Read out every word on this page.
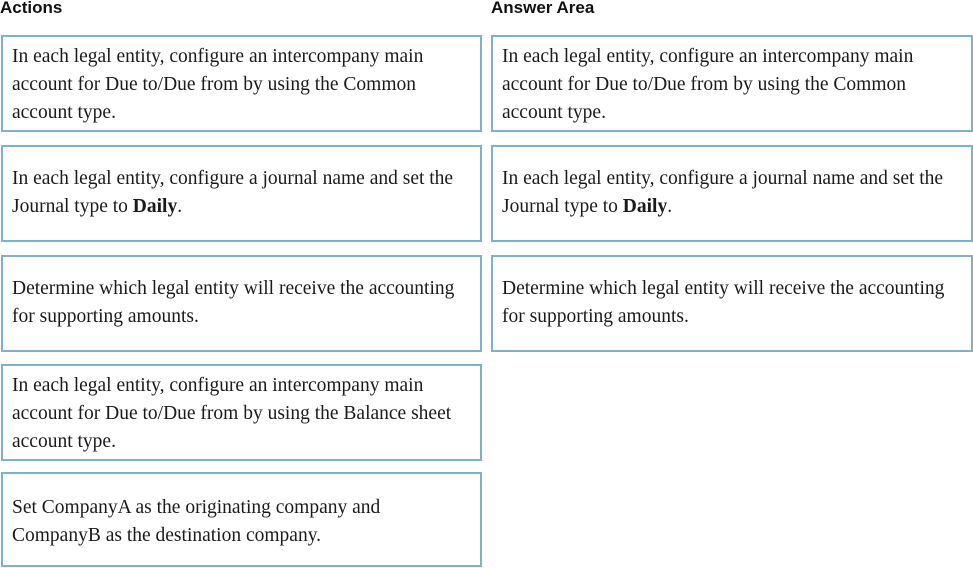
Actions	Answer Area
In each legal entity, configure an intercompany main account for Due to/Due from by using the Common account type.
In each legal entity, configure a journal name and set the Journal type to Daily.
Determine which legal entity will receive the accounting for supporting amounts.
In each legal entity, configure an intercompany main account for Due to/Due from by using the Balance sheet account type.
Set CompanyA as the originating company and CompanyB as the destination company.
In each legal entity, configure an intercompany main account for Due to/Due from by using the Common account type.
In each legal entity, configure a journal name and set the Journal type to Daily.
Determine which legal entity will receive the accounting for supporting amounts.
